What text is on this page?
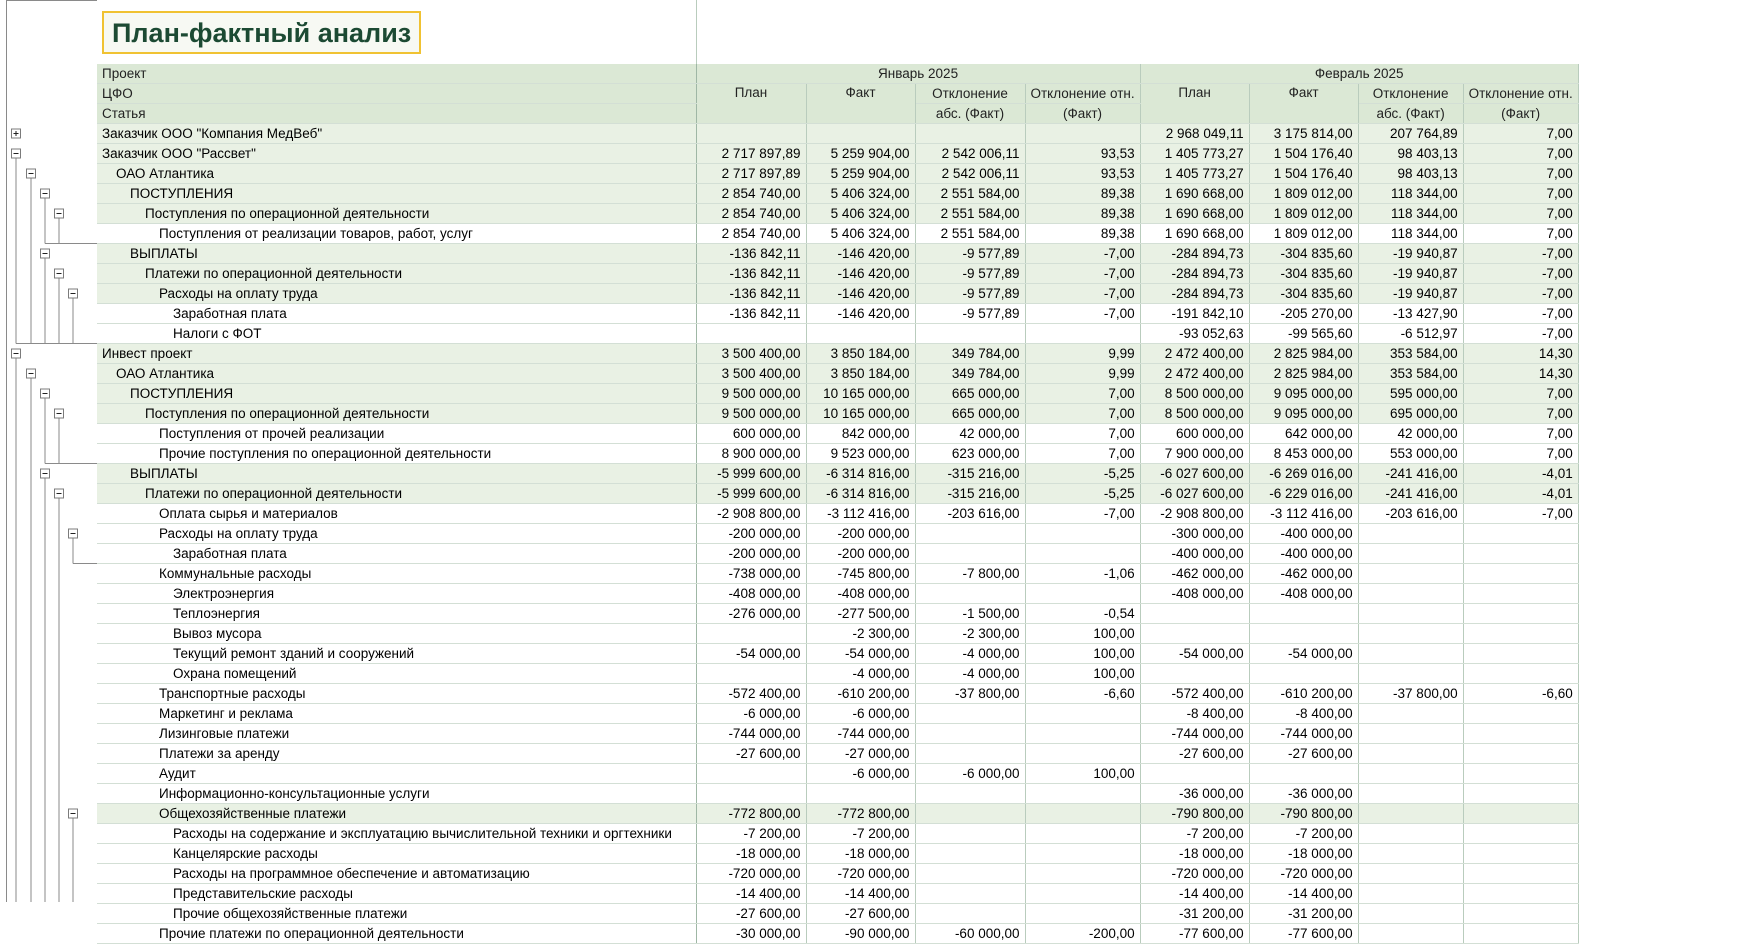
План-фактный анализ								
Проект	Январь 2025				Февраль 2025			
ЦФО	План	Факт	Отклонение	Отклонение отн.	План	Факт	Отклонение	Отклонение отн.
Статья			абс. (Факт)	(Факт)			абс. (Факт)	(Факт)
Заказчик ООО "Компания МедВеб"					2 968 049,11	3 175 814,00	207 764,89	7,00
Заказчик ООО "Рассвет"	2 717 897,89	5 259 904,00	2 542 006,11	93,53	1 405 773,27	1 504 176,40	98 403,13	7,00
ОАО Атлантика	2 717 897,89	5 259 904,00	2 542 006,11	93,53	1 405 773,27	1 504 176,40	98 403,13	7,00
ПОСТУПЛЕНИЯ	2 854 740,00	5 406 324,00	2 551 584,00	89,38	1 690 668,00	1 809 012,00	118 344,00	7,00
Поступления по операционной деятельности	2 854 740,00	5 406 324,00	2 551 584,00	89,38	1 690 668,00	1 809 012,00	118 344,00	7,00
Поступления от реализации товаров, работ, услуг	2 854 740,00	5 406 324,00	2 551 584,00	89,38	1 690 668,00	1 809 012,00	118 344,00	7,00
ВЫПЛАТЫ	-136 842,11	-146 420,00	-9 577,89	-7,00	-284 894,73	-304 835,60	-19 940,87	-7,00
Платежи по операционной деятельности	-136 842,11	-146 420,00	-9 577,89	-7,00	-284 894,73	-304 835,60	-19 940,87	-7,00
Расходы на оплату труда	-136 842,11	-146 420,00	-9 577,89	-7,00	-284 894,73	-304 835,60	-19 940,87	-7,00
Заработная плата	-136 842,11	-146 420,00	-9 577,89	-7,00	-191 842,10	-205 270,00	-13 427,90	-7,00
Налоги с ФОТ					-93 052,63	-99 565,60	-6 512,97	-7,00
Инвест проект	3 500 400,00	3 850 184,00	349 784,00	9,99	2 472 400,00	2 825 984,00	353 584,00	14,30
ОАО Атлантика	3 500 400,00	3 850 184,00	349 784,00	9,99	2 472 400,00	2 825 984,00	353 584,00	14,30
ПОСТУПЛЕНИЯ	9 500 000,00	10 165 000,00	665 000,00	7,00	8 500 000,00	9 095 000,00	595 000,00	7,00
Поступления по операционной деятельности	9 500 000,00	10 165 000,00	665 000,00	7,00	8 500 000,00	9 095 000,00	695 000,00	7,00
Поступления от прочей реализации	600 000,00	842 000,00	42 000,00	7,00	600 000,00	642 000,00	42 000,00	7,00
Прочие поступления по операционной деятельности	8 900 000,00	9 523 000,00	623 000,00	7,00	7 900 000,00	8 453 000,00	553 000,00	7,00
ВЫПЛАТЫ	-5 999 600,00	-6 314 816,00	-315 216,00	-5,25	-6 027 600,00	-6 269 016,00	-241 416,00	-4,01
Платежи по операционной деятельности	-5 999 600,00	-6 314 816,00	-315 216,00	-5,25	-6 027 600,00	-6 229 016,00	-241 416,00	-4,01
Оплата сырья и материалов	-2 908 800,00	-3 112 416,00	-203 616,00	-7,00	-2 908 800,00	-3 112 416,00	-203 616,00	-7,00
Расходы на оплату труда	-200 000,00	-200 000,00			-300 000,00	-400 000,00		
Заработная плата	-200 000,00	-200 000,00			-400 000,00	-400 000,00		
Коммунальные расходы	-738 000,00	-745 800,00	-7 800,00	-1,06	-462 000,00	-462 000,00		
Электроэнергия	-408 000,00	-408 000,00			-408 000,00	-408 000,00		
Теплоэнергия	-276 000,00	-277 500,00	-1 500,00	-0,54				
Вывоз мусора		-2 300,00	-2 300,00	100,00				
Текущий ремонт зданий и сооружений	-54 000,00	-54 000,00	-4 000,00	100,00	-54 000,00	-54 000,00		
Охрана помещений		-4 000,00	-4 000,00	100,00				
Транспортные расходы	-572 400,00	-610 200,00	-37 800,00	-6,60	-572 400,00	-610 200,00	-37 800,00	-6,60
Маркетинг и реклама	-6 000,00	-6 000,00			-8 400,00	-8 400,00		
Лизинговые платежи	-744 000,00	-744 000,00			-744 000,00	-744 000,00		
Платежи за аренду	-27 600,00	-27 000,00			-27 600,00	-27 600,00		
Аудит		-6 000,00	-6 000,00	100,00				
Информационно-консультационные услуги					-36 000,00	-36 000,00		
Общехозяйственные платежи	-772 800,00	-772 800,00			-790 800,00	-790 800,00		
Расходы на содержание и эксплуатацию вычислительной техники и оргтехники	-7 200,00	-7 200,00			-7 200,00	-7 200,00		
Канцелярские расходы	-18 000,00	-18 000,00			-18 000,00	-18 000,00		
Расходы на программное обеспечение и автоматизацию	-720 000,00	-720 000,00			-720 000,00	-720 000,00		
Представительские расходы	-14 400,00	-14 400,00			-14 400,00	-14 400,00		
Прочие общехозяйственные платежи	-27 600,00	-27 600,00			-31 200,00	-31 200,00		
Прочие платежи по операционной деятельности	-30 000,00	-90 000,00	-60 000,00	-200,00	-77 600,00	-77 600,00		
